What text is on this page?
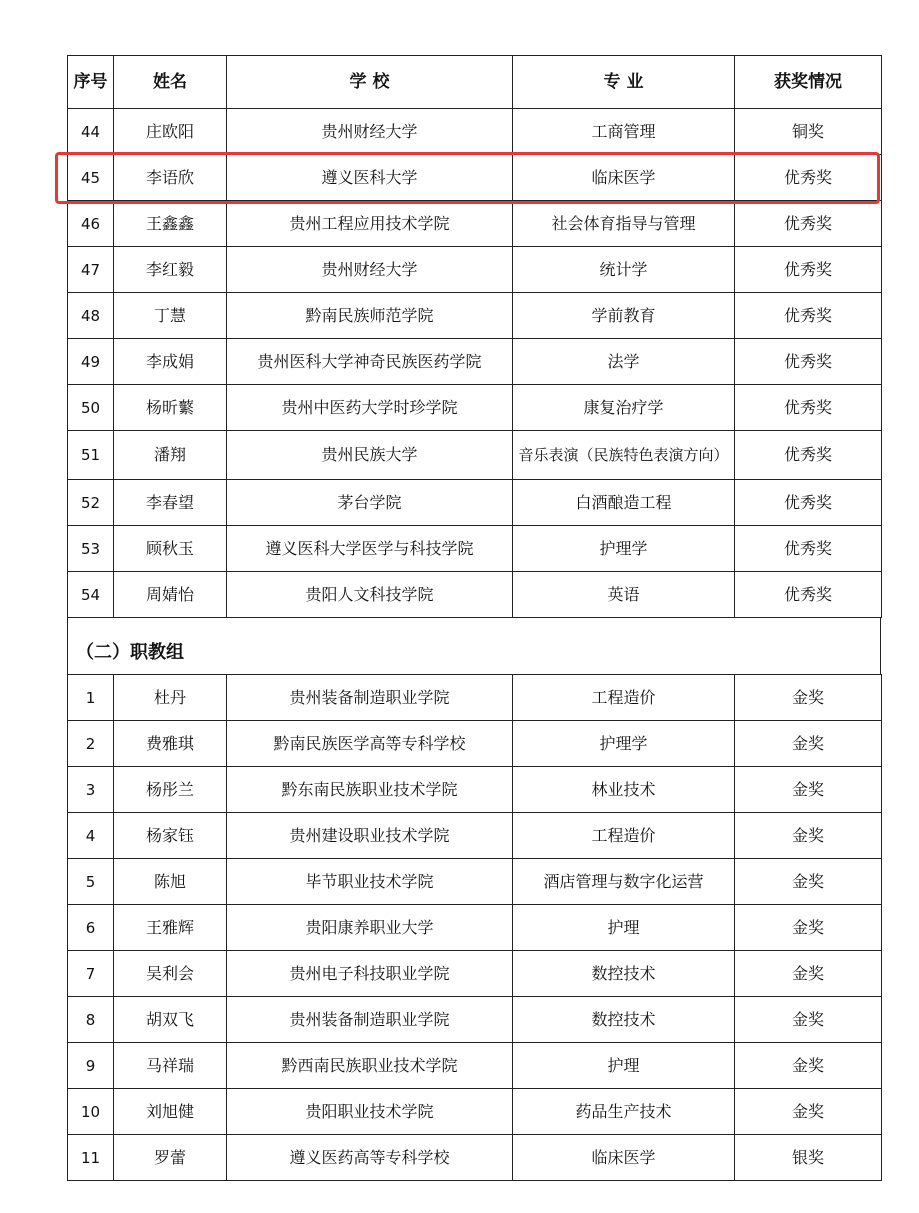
序号	姓名	学 校	专 业	获奖情况
44	庄欧阳	贵州财经大学	工商管理	铜奖
45	李语欣	遵义医科大学	临床医学	优秀奖
46	王鑫鑫	贵州工程应用技术学院	社会体育指导与管理	优秀奖
47	李红毅	贵州财经大学	统计学	优秀奖
48	丁慧	黔南民族师范学院	学前教育	优秀奖
49	李成娟	贵州医科大学神奇民族医药学院	法学	优秀奖
50	杨昕蘩	贵州中医药大学时珍学院	康复治疗学	优秀奖
51	潘翔	贵州民族大学	音乐表演（民族特色表演方向）	优秀奖
52	李春望	茅台学院	白酒酿造工程	优秀奖
53	顾秋玉	遵义医科大学医学与科技学院	护理学	优秀奖
54	周婧怡	贵阳人文科技学院	英语	优秀奖
（二）职教组
1	杜丹	贵州装备制造职业学院	工程造价	金奖
2	费雅琪	黔南民族医学高等专科学校	护理学	金奖
3	杨彤兰	黔东南民族职业技术学院	林业技术	金奖
4	杨家钰	贵州建设职业技术学院	工程造价	金奖
5	陈旭	毕节职业技术学院	酒店管理与数字化运营	金奖
6	王雅辉	贵阳康养职业大学	护理	金奖
7	吴利会	贵州电子科技职业学院	数控技术	金奖
8	胡双飞	贵州装备制造职业学院	数控技术	金奖
9	马祥瑞	黔西南民族职业技术学院	护理	金奖
10	刘旭健	贵阳职业技术学院	药品生产技术	金奖
11	罗蕾	遵义医药高等专科学校	临床医学	银奖
